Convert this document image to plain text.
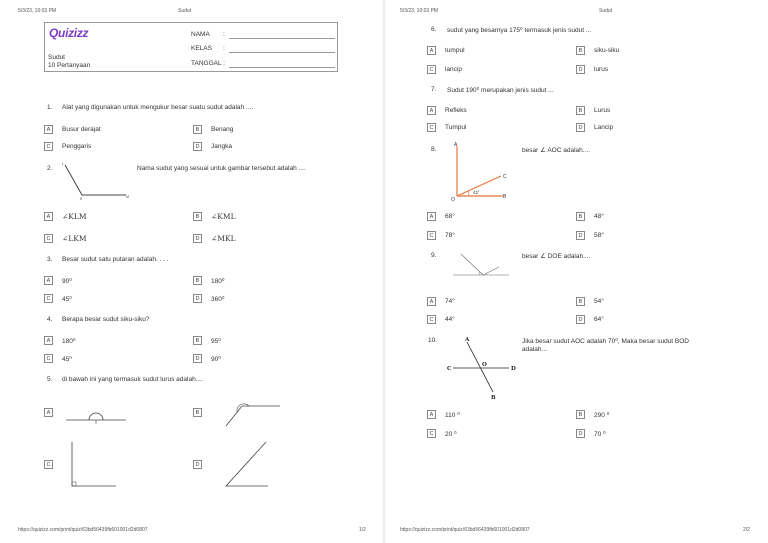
5/3/23, 10:03 PM	Sudut
Quizizz
Sudut
10 Pertanyaan
NAMA :
KELAS :
TANGGAL :
1. Alat yang digunakan untuk mengukur besar suatu sudut adalah ....
A	Busur derajat	B	Benang
C	Penggaris	D	Jangka
2.
L
K	M
Nama sudut yang sesuai untuk gambar tersebut adalah ....
A	∠KLM	B	∠KML
C	∠LKM	D	∠MKL
3. Besar sudut satu putaran adalah. . . .
A	90⁰	B	180⁰
C	45⁰	D	360⁰
4. Berapa besar sudut siku-siku?
A	180⁰	B	95⁰
C	45⁰	D	90⁰
5. di bawah ini yang termasuk sudut lurus adalah....
A	B
C	D
https://quizizz.com/print/quiz/63bd56439fb601001d2d0807	1/2
5/3/23, 10:03 PM	Sudut
6. sudut yang besarnya 175⁰ termasuk jenis sudut ...
A	tumpul	B	siku-siku
C	lancip	D	lurus
7. Sudut 190⁰ merupakan jenis sudut ...
A	Refleks	B	Lurus
C	Tumpul	D	Lancip
8.
A
C
42˚
O	B
besar ∠ AOC adalah....
A	68°	B	48°
C	78°	D	58°
9.	besar ∠ DOE adalah....
A	74°	B	54°
C	44°	D	64°
10.	A
C
O
D
B
Jika besar sudut AOC adalah 70⁰, Maka besar sudut BOD
adalah...
A	110 ⁰	B	290 ⁰
C	20 ⁰	D	70 ⁰
https://quizizz.com/print/quiz/63bd56439fb601001d2d0807	2/2
